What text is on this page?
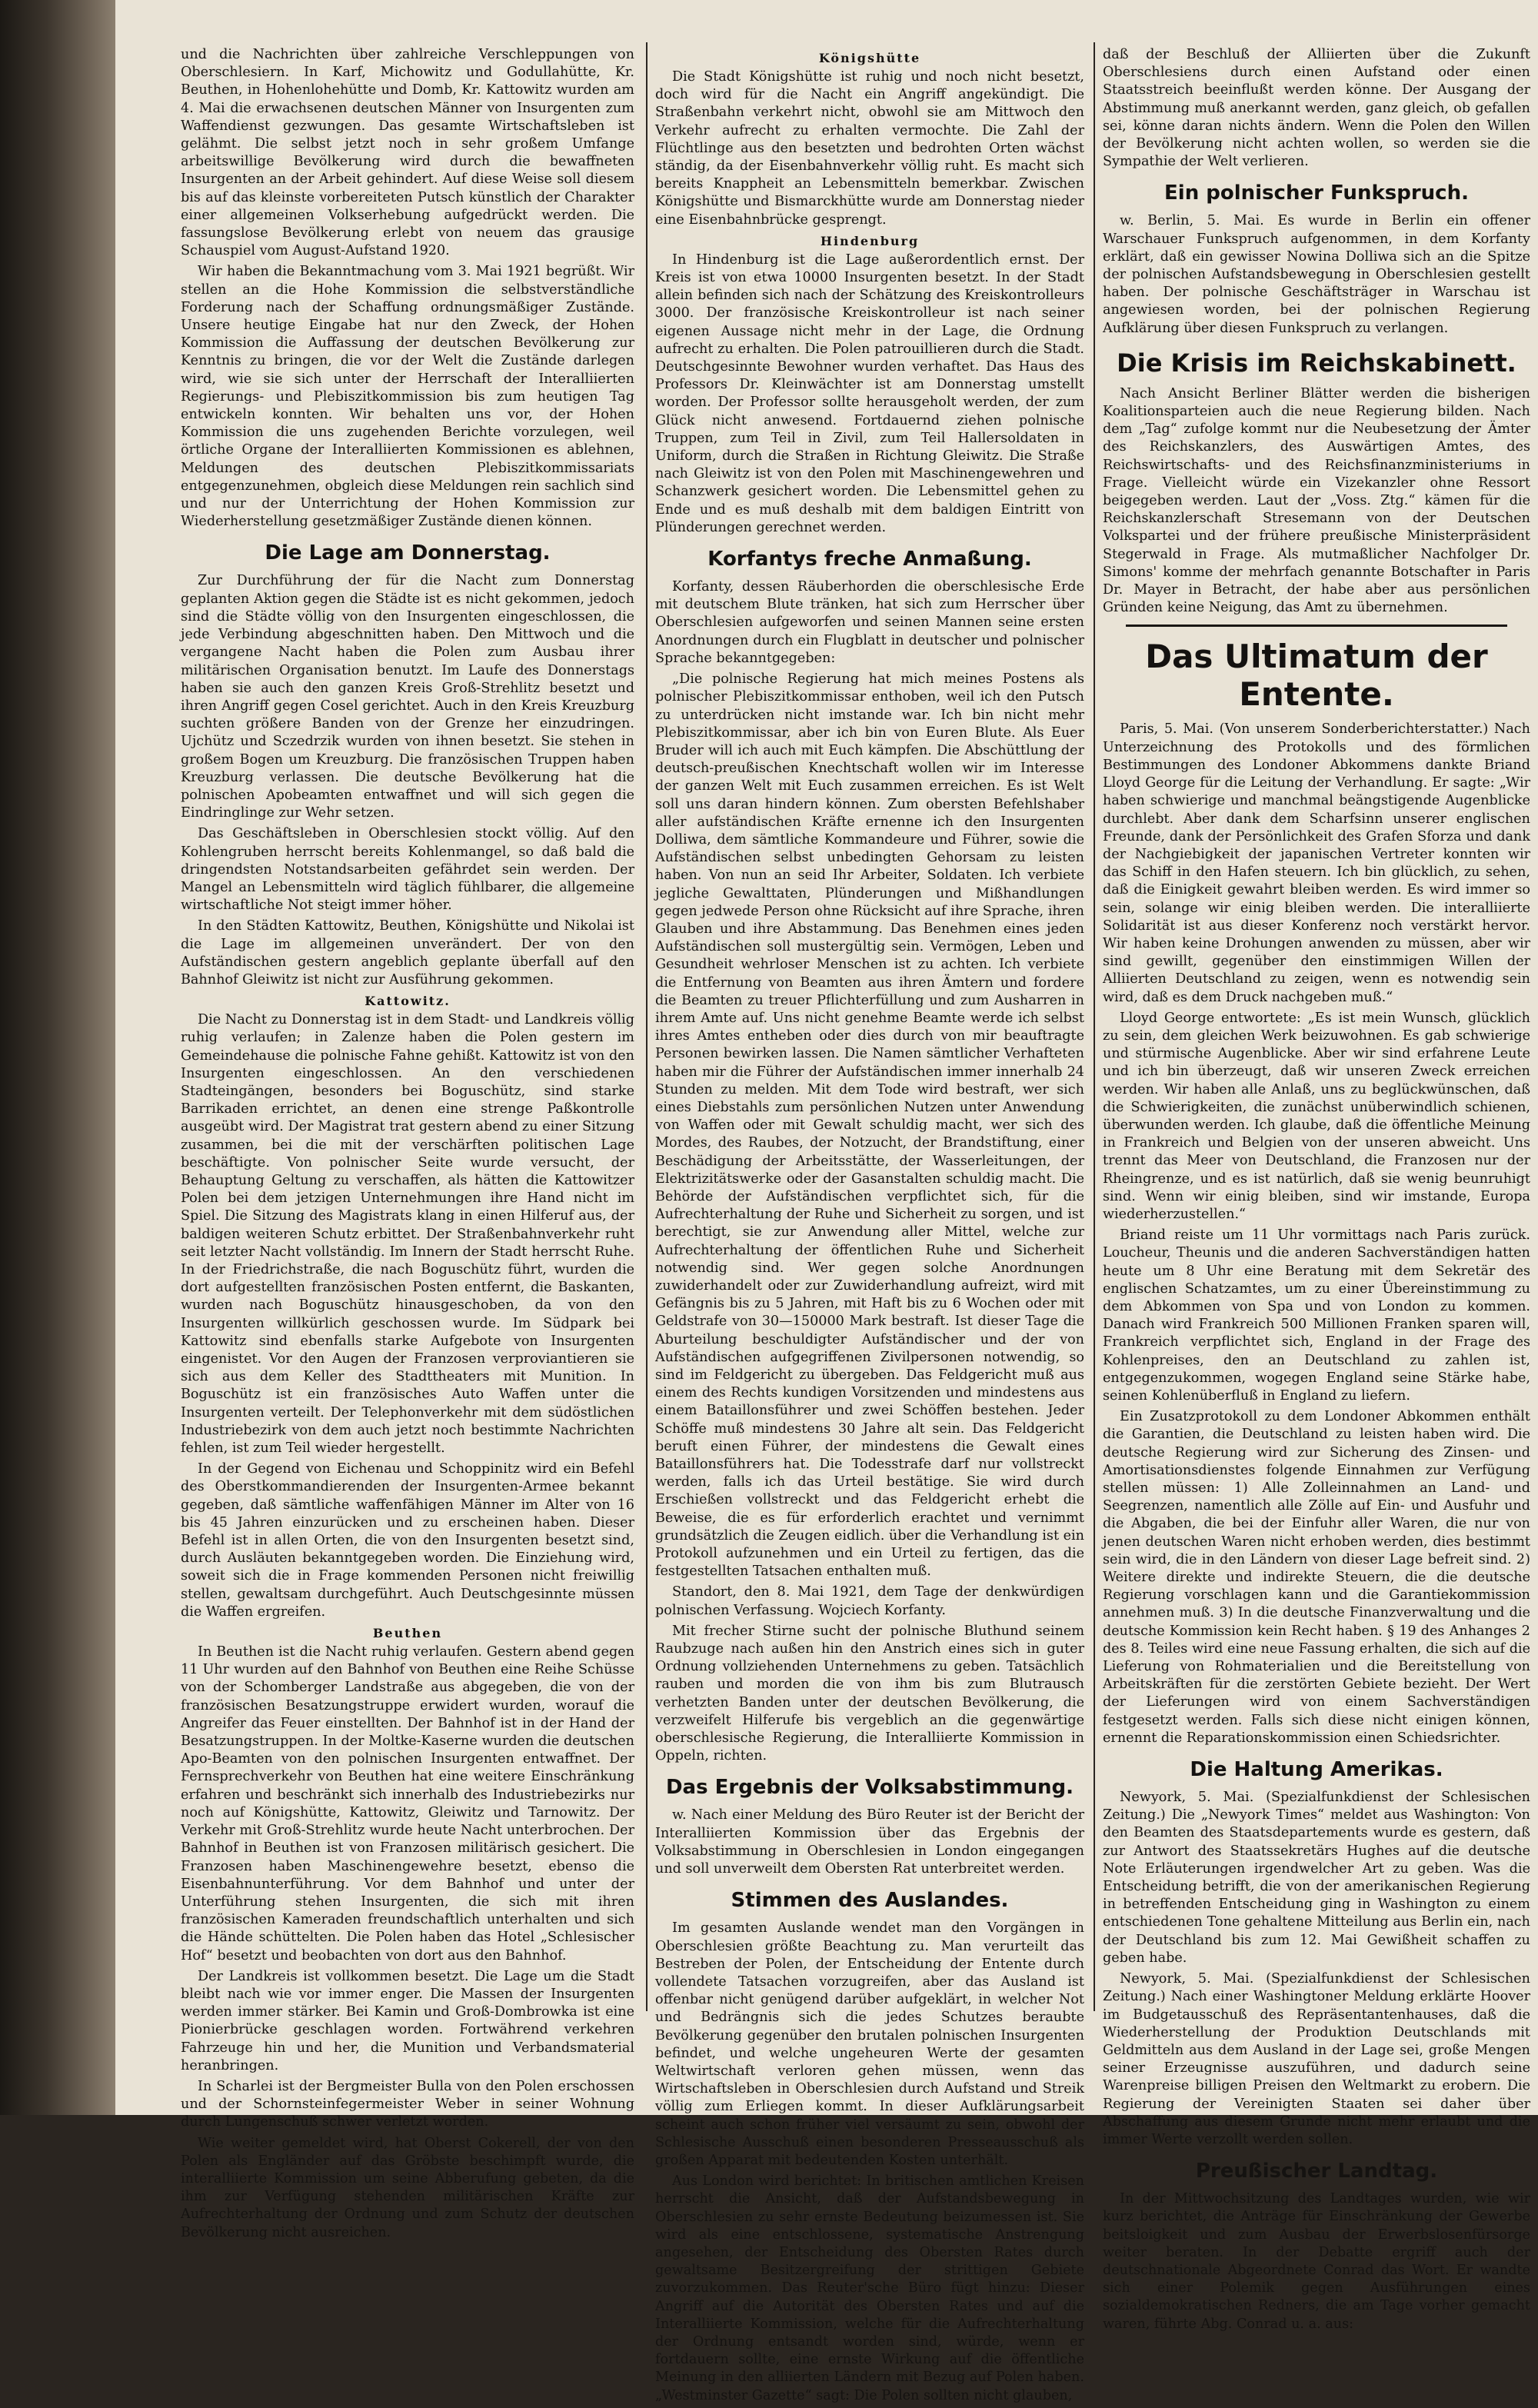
und die Nachrichten über zahlreiche Verschleppungen von Oberschlesiern. In Karf, Michowitz und Godullahütte, Kr. Beuthen, in Hohenlohehütte und Domb, Kr. Kattowitz wurden am 4. Mai die erwachsenen deutschen Männer von Insurgenten zum Waffendienst gezwungen. Das gesamte Wirtschaftsleben ist gelähmt. Die selbst jetzt noch in sehr großem Umfange arbeitswillige Bevölkerung wird durch die bewaffneten Insurgenten an der Arbeit gehindert. Auf diese Weise soll diesem bis auf das kleinste vorbereiteten Putsch künstlich der Charakter einer allgemeinen Volkserhebung aufgedrückt werden. Die fassungslose Bevölkerung erlebt von neuem das grausige Schauspiel vom August-Aufstand 1920.

Wir haben die Bekanntmachung vom 3. Mai 1921 begrüßt. Wir stellen an die Hohe Kommission die selbstverständliche Forderung nach der Schaffung ordnungsmäßiger Zustände. Unsere heutige Eingabe hat nur den Zweck, der Hohen Kommission die Auffassung der deutschen Bevölkerung zur Kenntnis zu bringen, die vor der Welt die Zustände darlegen wird, wie sie sich unter der Herrschaft der Interalliierten Regierungs- und Plebiszitkommission bis zum heutigen Tag entwickeln konnten. Wir behalten uns vor, der Hohen Kommission die uns zugehenden Berichte vorzulegen, weil örtliche Organe der Interalliierten Kommissionen es ablehnen, Meldungen des deutschen Plebiszitkommissariats entgegenzunehmen, obgleich diese Meldungen rein sachlich sind und nur der Unterrichtung der Hohen Kommission zur Wiederherstellung gesetzmäßiger Zustände dienen können.

Die Lage am Donnerstag.

Zur Durchführung der für die Nacht zum Donnerstag geplanten Aktion gegen die Städte ist es nicht gekommen, jedoch sind die Städte völlig von den Insurgenten eingeschlossen, die jede Verbindung abgeschnitten haben. Den Mittwoch und die vergangene Nacht haben die Polen zum Ausbau ihrer militärischen Organisation benutzt. Im Laufe des Donnerstags haben sie auch den ganzen Kreis Groß-Strehlitz besetzt und ihren Angriff gegen Cosel gerichtet. Auch in den Kreis Kreuzburg suchten größere Banden von der Grenze her einzudringen. Ujchütz und Sczedrzik wurden von ihnen besetzt. Sie stehen in großem Bogen um Kreuzburg. Die französischen Truppen haben Kreuzburg verlassen. Die deutsche Bevölkerung hat die polnischen Apobeamten entwaffnet und will sich gegen die Eindringlinge zur Wehr setzen.

Das Geschäftsleben in Oberschlesien stockt völlig. Auf den Kohlengruben herrscht bereits Kohlenmangel, so daß bald die dringendsten Notstandsarbeiten gefährdet sein werden. Der Mangel an Lebensmitteln wird täglich fühlbarer, die allgemeine wirtschaftliche Not steigt immer höher.

In den Städten Kattowitz, Beuthen, Königshütte und Nikolai ist die Lage im allgemeinen unverändert. Der von den Aufständischen gestern angeblich geplante überfall auf den Bahnhof Gleiwitz ist nicht zur Ausführung gekommen.

Kattowitz.

Die Nacht zu Donnerstag ist in dem Stadt- und Landkreis völlig ruhig verlaufen; in Zalenze haben die Polen gestern im Gemeindehause die polnische Fahne gehißt. Kattowitz ist von den Insurgenten eingeschlossen. An den verschiedenen Stadteingängen, besonders bei Boguschütz, sind starke Barrikaden errichtet, an denen eine strenge Paßkontrolle ausgeübt wird. Der Magistrat trat gestern abend zu einer Sitzung zusammen, bei die mit der verschärften politischen Lage beschäftigte. Von polnischer Seite wurde versucht, der Behauptung Geltung zu verschaffen, als hätten die Kattowitzer Polen bei dem jetzigen Unternehmungen ihre Hand nicht im Spiel. Die Sitzung des Magistrats klang in einen Hilferuf aus, der baldigen weiteren Schutz erbittet. Der Straßenbahnverkehr ruht seit letzter Nacht vollständig. Im Innern der Stadt herrscht Ruhe. In der Friedrichstraße, die nach Boguschütz führt, wurden die dort aufgestellten französischen Posten entfernt, die Baskanten, wurden nach Boguschütz hinausgeschoben, da von den Insurgenten willkürlich geschossen wurde. Im Südpark bei Kattowitz sind ebenfalls starke Aufgebote von Insurgenten eingenistet. Vor den Augen der Franzosen verproviantieren sie sich aus dem Keller des Stadttheaters mit Munition. In Boguschütz ist ein französisches Auto Waffen unter die Insurgenten verteilt. Der Telephonverkehr mit dem südöstlichen Industriebezirk von dem auch jetzt noch bestimmte Nachrichten fehlen, ist zum Teil wieder hergestellt.

In der Gegend von Eichenau und Schoppinitz wird ein Befehl des Oberstkommandierenden der Insurgenten-Armee bekannt gegeben, daß sämtliche waffenfähigen Männer im Alter von 16 bis 45 Jahren einzurücken und zu erscheinen haben. Dieser Befehl ist in allen Orten, die von den Insurgenten besetzt sind, durch Ausläuten bekanntgegeben worden. Die Einziehung wird, soweit sich die in Frage kommenden Personen nicht freiwillig stellen, gewaltsam durchgeführt. Auch Deutschgesinnte müssen die Waffen ergreifen.

Beuthen

In Beuthen ist die Nacht ruhig verlaufen. Gestern abend gegen 11 Uhr wurden auf den Bahnhof von Beuthen eine Reihe Schüsse von der Schomberger Landstraße aus abgegeben, die von der französischen Besatzungstruppe erwidert wurden, worauf die Angreifer das Feuer einstellten. Der Bahnhof ist in der Hand der Besatzungstruppen. In der Moltke-Kaserne wurden die deutschen Apo-Beamten von den polnischen Insurgenten entwaffnet. Der Fernsprechverkehr von Beuthen hat eine weitere Einschränkung erfahren und beschränkt sich innerhalb des Industriebezirks nur noch auf Königshütte, Kattowitz, Gleiwitz und Tarnowitz. Der Verkehr mit Groß-Strehlitz wurde heute Nacht unterbrochen. Der Bahnhof in Beuthen ist von Franzosen militärisch gesichert. Die Franzosen haben Maschinengewehre besetzt, ebenso die Eisenbahnunterführung. Vor dem Bahnhof und unter der Unterführung stehen Insurgenten, die sich mit ihren französischen Kameraden freundschaftlich unterhalten und sich die Hände schüttelten. Die Polen haben das Hotel „Schlesischer Hof“ besetzt und beobachten von dort aus den Bahnhof.

Der Landkreis ist vollkommen besetzt. Die Lage um die Stadt bleibt nach wie vor immer enger. Die Massen der Insurgenten werden immer stärker. Bei Kamin und Groß-Dombrowka ist eine Pionierbrücke geschlagen worden. Fortwährend verkehren Fahrzeuge hin und her, die Munition und Verbandsmaterial heranbringen.

In Scharlei ist der Bergmeister Bulla von den Polen erschossen und der Schornsteinfegermeister Weber in seiner Wohnung durch Lungenschuß schwer verletzt worden.

Wie weiter gemeldet wird, hat Oberst Cokerell, der von den Polen als Engländer auf das Gröbste beschimpft wurde, die interalliierte Kommission um seine Abberufung gebeten, da die ihm zur Verfügung stehenden militärischen Kräfte zur Aufrechterhaltung der Ordnung und zum Schutz der deutschen Bevölkerung nicht ausreichen.

Königshütte

Die Stadt Königshütte ist ruhig und noch nicht besetzt, doch wird für die Nacht ein Angriff angekündigt. Die Straßenbahn verkehrt nicht, obwohl sie am Mittwoch den Verkehr aufrecht zu erhalten vermochte. Die Zahl der Flüchtlinge aus den besetzten und bedrohten Orten wächst ständig, da der Eisenbahnverkehr völlig ruht. Es macht sich bereits Knappheit an Lebensmitteln bemerkbar. Zwischen Königshütte und Bismarckhütte wurde am Donnerstag nieder eine Eisenbahnbrücke gesprengt.

Hindenburg

In Hindenburg ist die Lage außerordentlich ernst. Der Kreis ist von etwa 10000 Insurgenten besetzt. In der Stadt allein befinden sich nach der Schätzung des Kreiskontrolleurs 3000. Der französische Kreiskontrolleur ist nach seiner eigenen Aussage nicht mehr in der Lage, die Ordnung aufrecht zu erhalten. Die Polen patrouillieren durch die Stadt. Deutschgesinnte Bewohner wurden verhaftet. Das Haus des Professors Dr. Kleinwächter ist am Donnerstag umstellt worden. Der Professor sollte herausgeholt werden, der zum Glück nicht anwesend. Fortdauernd ziehen polnische Truppen, zum Teil in Zivil, zum Teil Hallersoldaten in Uniform, durch die Straßen in Richtung Gleiwitz. Die Straße nach Gleiwitz ist von den Polen mit Maschinengewehren und Schanzwerk gesichert worden. Die Lebensmittel gehen zu Ende und es muß deshalb mit dem baldigen Eintritt von Plünderungen gerechnet werden.

Korfantys freche Anmaßung.

Korfanty, dessen Räuberhorden die oberschlesische Erde mit deutschem Blute tränken, hat sich zum Herrscher über Oberschlesien aufgeworfen und seinen Mannen seine ersten Anordnungen durch ein Flugblatt in deutscher und polnischer Sprache bekanntgegeben:

„Die polnische Regierung hat mich meines Postens als polnischer Plebiszitkommissar enthoben, weil ich den Putsch zu unterdrücken nicht imstande war. Ich bin nicht mehr Plebiszitkommissar, aber ich bin von Euren Blute. Als Euer Bruder will ich auch mit Euch kämpfen. Die Abschüttlung der deutsch-preußischen Knechtschaft wollen wir im Interesse der ganzen Welt mit Euch zusammen erreichen. Es ist Welt soll uns daran hindern können. Zum obersten Befehlshaber aller aufständischen Kräfte ernenne ich den Insurgenten Dolliwa, dem sämtliche Kommandeure und Führer, sowie die Aufständischen selbst unbedingten Gehorsam zu leisten haben. Von nun an seid Ihr Arbeiter, Soldaten. Ich verbiete jegliche Gewalttaten, Plünderungen und Mißhandlungen gegen jedwede Person ohne Rücksicht auf ihre Sprache, ihren Glauben und ihre Abstammung. Das Benehmen eines jeden Aufständischen soll mustergültig sein. Vermögen, Leben und Gesundheit wehrloser Menschen ist zu achten. Ich verbiete die Entfernung von Beamten aus ihren Ämtern und fordere die Beamten zu treuer Pflichterfüllung und zum Ausharren in ihrem Amte auf. Uns nicht genehme Beamte werde ich selbst ihres Amtes entheben oder dies durch von mir beauftragte Personen bewirken lassen. Die Namen sämtlicher Verhafteten haben mir die Führer der Aufständischen immer innerhalb 24 Stunden zu melden. Mit dem Tode wird bestraft, wer sich eines Diebstahls zum persönlichen Nutzen unter Anwendung von Waffen oder mit Gewalt schuldig macht, wer sich des Mordes, des Raubes, der Notzucht, der Brandstiftung, einer Beschädigung der Arbeitsstätte, der Wasserleitungen, der Elektrizitätswerke oder der Gasanstalten schuldig macht. Die Behörde der Aufständischen verpflichtet sich, für die Aufrechterhaltung der Ruhe und Sicherheit zu sorgen, und ist berechtigt, sie zur Anwendung aller Mittel, welche zur Aufrechterhaltung der öffentlichen Ruhe und Sicherheit notwendig sind. Wer gegen solche Anordnungen zuwiderhandelt oder zur Zuwiderhandlung aufreizt, wird mit Gefängnis bis zu 5 Jahren, mit Haft bis zu 6 Wochen oder mit Geldstrafe von 30—150000 Mark bestraft. Ist dieser Tage die Aburteilung beschuldigter Aufständischer und der von Aufständischen aufgegriffenen Zivilpersonen notwendig, so sind im Feldgericht zu übergeben. Das Feldgericht muß aus einem des Rechts kundigen Vorsitzenden und mindestens aus einem Bataillonsführer und zwei Schöffen bestehen. Jeder Schöffe muß mindestens 30 Jahre alt sein. Das Feldgericht beruft einen Führer, der mindestens die Gewalt eines Bataillonsführers hat. Die Todesstrafe darf nur vollstreckt werden, falls ich das Urteil bestätige. Sie wird durch Erschießen vollstreckt und das Feldgericht erhebt die Beweise, die es für erforderlich erachtet und vernimmt grundsätzlich die Zeugen eidlich. über die Verhandlung ist ein Protokoll aufzunehmen und ein Urteil zu fertigen, das die festgestellten Tatsachen enthalten muß.

Standort, den 8. Mai 1921, dem Tage der denkwürdigen polnischen Verfassung. Wojciech Korfanty.

Mit frecher Stirne sucht der polnische Bluthund seinem Raubzuge nach außen hin den Anstrich eines sich in guter Ordnung vollziehenden Unternehmens zu geben. Tatsächlich rauben und morden die von ihm bis zum Blutrausch verhetzten Banden unter der deutschen Bevölkerung, die verzweifelt Hilferufe bis vergeblich an die gegenwärtige oberschlesische Regierung, die Interalliierte Kommission in Oppeln, richten.

Das Ergebnis der Volksabstimmung.

w. Nach einer Meldung des Büro Reuter ist der Bericht der Interalliierten Kommission über das Ergebnis der Volksabstimmung in Oberschlesien in London eingegangen und soll unverweilt dem Obersten Rat unterbreitet werden.

Stimmen des Auslandes.

Im gesamten Auslande wendet man den Vorgängen in Oberschlesien größte Beachtung zu. Man verurteilt das Bestreben der Polen, der Entscheidung der Entente durch vollendete Tatsachen vorzugreifen, aber das Ausland ist offenbar nicht genügend darüber aufgeklärt, in welcher Not und Bedrängnis sich die jedes Schutzes beraubte Bevölkerung gegenüber den brutalen polnischen Insurgenten befindet, und welche ungeheuren Werte der gesamten Weltwirtschaft verloren gehen müssen, wenn das Wirtschaftsleben in Oberschlesien durch Aufstand und Streik völlig zum Erliegen kommt. In dieser Aufklärungsarbeit scheint auch schon früher viel versäumt zu sein, obwohl der Schlesische Ausschuß einen besonderen Presseausschuß als großen Apparat mit bedeutenden Kosten unterhält.

Aus London wird berichtet: In britischen amtlichen Kreisen herrscht die Ansicht, daß der Aufstandsbewegung in Oberschlesien zu sehr ernste Bedeutung beizumessen ist. Sie wird als eine entschlossene, systematische Anstrengung angesehen, der Entscheidung des Obersten Rates durch gewaltsame Besitzergreifung der strittigen Gebiete zuvorzukommen. Das Reuter'sche Büro fügt hinzu: Dieser Angriff auf die Autorität des Obersten Rates und auf die Interalliierte Kommission, welche für die Aufrechterhaltung der Ordnung entsandt worden sind, würde, wenn er fortdauern sollte, eine ernste Wirkung auf die öffentliche Meinung in den alliierten Ländern mit Bezug auf Polen haben. „Westminster Gazette“ sagt: Die Polen sollten nicht glauben,

daß der Beschluß der Alliierten über die Zukunft Oberschlesiens durch einen Aufstand oder einen Staatsstreich beeinflußt werden könne. Der Ausgang der Abstimmung muß anerkannt werden, ganz gleich, ob gefallen sei, könne daran nichts ändern. Wenn die Polen den Willen der Bevölkerung nicht achten wollen, so werden sie die Sympathie der Welt verlieren.

Ein polnischer Funkspruch.

w. Berlin, 5. Mai. Es wurde in Berlin ein offener Warschauer Funkspruch aufgenommen, in dem Korfanty erklärt, daß ein gewisser Nowina Dolliwa sich an die Spitze der polnischen Aufstandsbewegung in Oberschlesien gestellt haben. Der polnische Geschäftsträger in Warschau ist angewiesen worden, bei der polnischen Regierung Aufklärung über diesen Funkspruch zu verlangen.

Die Krisis im Reichskabinett.

Nach Ansicht Berliner Blätter werden die bisherigen Koalitionsparteien auch die neue Regierung bilden. Nach dem „Tag“ zufolge kommt nur die Neubesetzung der Ämter des Reichskanzlers, des Auswärtigen Amtes, des Reichswirtschafts- und des Reichsfinanzministeriums in Frage. Vielleicht würde ein Vizekanzler ohne Ressort beigegeben werden. Laut der „Voss. Ztg.“ kämen für die Reichskanzlerschaft Stresemann von der Deutschen Volkspartei und der frühere preußische Ministerpräsident Stegerwald in Frage. Als mutmaßlicher Nachfolger Dr. Simons' komme der mehrfach genannte Botschafter in Paris Dr. Mayer in Betracht, der habe aber aus persönlichen Gründen keine Neigung, das Amt zu übernehmen.

Das Ultimatum der Entente.

Paris, 5. Mai. (Von unserem Sonderberichterstatter.) Nach Unterzeichnung des Protokolls und des förmlichen Bestimmungen des Londoner Abkommens dankte Briand Lloyd George für die Leitung der Verhandlung. Er sagte: „Wir haben schwierige und manchmal beängstigende Augenblicke durchlebt. Aber dank dem Scharfsinn unserer englischen Freunde, dank der Persönlichkeit des Grafen Sforza und dank der Nachgiebigkeit der japanischen Vertreter konnten wir das Schiff in den Hafen steuern. Ich bin glücklich, zu sehen, daß die Einigkeit gewahrt bleiben werden. Es wird immer so sein, solange wir einig bleiben werden. Die interalliierte Solidarität ist aus dieser Konferenz noch verstärkt hervor. Wir haben keine Drohungen anwenden zu müssen, aber wir sind gewillt, gegenüber den einstimmigen Willen der Alliierten Deutschland zu zeigen, wenn es notwendig sein wird, daß es dem Druck nachgeben muß.“

Lloyd George entwortete: „Es ist mein Wunsch, glücklich zu sein, dem gleichen Werk beizuwohnen. Es gab schwierige und stürmische Augenblicke. Aber wir sind erfahrene Leute und ich bin überzeugt, daß wir unseren Zweck erreichen werden. Wir haben alle Anlaß, uns zu beglückwünschen, daß die Schwierigkeiten, die zunächst unüberwindlich schienen, überwunden werden. Ich glaube, daß die öffentliche Meinung in Frankreich und Belgien von der unseren abweicht. Uns trennt das Meer von Deutschland, die Franzosen nur der Rheingrenze, und es ist natürlich, daß sie wenig beunruhigt sind. Wenn wir einig bleiben, sind wir imstande, Europa wiederherzustellen.“

Briand reiste um 11 Uhr vormittags nach Paris zurück. Loucheur, Theunis und die anderen Sachverständigen hatten heute um 8 Uhr eine Beratung mit dem Sekretär des englischen Schatzamtes, um zu einer Übereinstimmung zu dem Abkommen von Spa und von London zu kommen. Danach wird Frankreich 500 Millionen Franken sparen will, Frankreich verpflichtet sich, England in der Frage des Kohlenpreises, den an Deutschland zu zahlen ist, entgegenzukommen, wogegen England seine Stärke habe, seinen Kohlenüberfluß in England zu liefern.

Ein Zusatzprotokoll zu dem Londoner Abkommen enthält die Garantien, die Deutschland zu leisten haben wird. Die deutsche Regierung wird zur Sicherung des Zinsen- und Amortisationsdienstes folgende Einnahmen zur Verfügung stellen müssen: 1) Alle Zolleinnahmen an Land- und Seegrenzen, namentlich alle Zölle auf Ein- und Ausfuhr und die Abgaben, die bei der Einfuhr aller Waren, die nur von jenen deutschen Waren nicht erhoben werden, dies bestimmt sein wird, die in den Ländern von dieser Lage befreit sind. 2) Weitere direkte und indirekte Steuern, die die deutsche Regierung vorschlagen kann und die Garantiekommission annehmen muß. 3) In die deutsche Finanzverwaltung und die deutsche Kommission kein Recht haben. § 19 des Anhanges 2 des 8. Teiles wird eine neue Fassung erhalten, die sich auf die Lieferung von Rohmaterialien und die Bereitstellung von Arbeitskräften für die zerstörten Gebiete bezieht. Der Wert der Lieferungen wird von einem Sachverständigen festgesetzt werden. Falls sich diese nicht einigen können, ernennt die Reparationskommission einen Schiedsrichter.

Die Haltung Amerikas.

Newyork, 5. Mai. (Spezialfunkdienst der Schlesischen Zeitung.) Die „Newyork Times“ meldet aus Washington: Von den Beamten des Staatsdepartements wurde es gestern, daß zur Antwort des Staatssekretärs Hughes auf die deutsche Note Erläuterungen irgendwelcher Art zu geben. Was die Entscheidung betrifft, die von der amerikanischen Regierung in betreffenden Entscheidung ging in Washington zu einem entschiedenen Tone gehaltene Mitteilung aus Berlin ein, nach der Deutschland bis zum 12. Mai Gewißheit schaffen zu geben habe.

Newyork, 5. Mai. (Spezialfunkdienst der Schlesischen Zeitung.) Nach einer Washingtoner Meldung erklärte Hoover im Budgetausschuß des Repräsentantenhauses, daß die Wiederherstellung der Produktion Deutschlands mit Geldmitteln aus dem Ausland in der Lage sei, große Mengen seiner Erzeugnisse auszuführen, und dadurch seine Warenpreise billigen Preisen den Weltmarkt zu erobern. Die Regierung der Vereinigten Staaten sei daher über Abschaffung aus diesem Grunde nicht mehr erlaubt und die immer Werte verzollt werden sollen.

Preußischer Landtag.

In der Mittwochsitzung des Landtages wurden, wie wir kurz berichtet, die Anträge für Einschränkung der Gewerbe beitsloigkeit und zum Ausbau der Erwerbslosenfürsorge weiter beraten. In der Debatte ergriff auch der deutschnationale Abgeordnete Conrad das Wort. Er wandte sich einer Polemik gegen Ausführungen eines sozialdemokratischen Redners, die am Tage vorher gemacht waren, führte Abg. Conrad u. a. aus:
